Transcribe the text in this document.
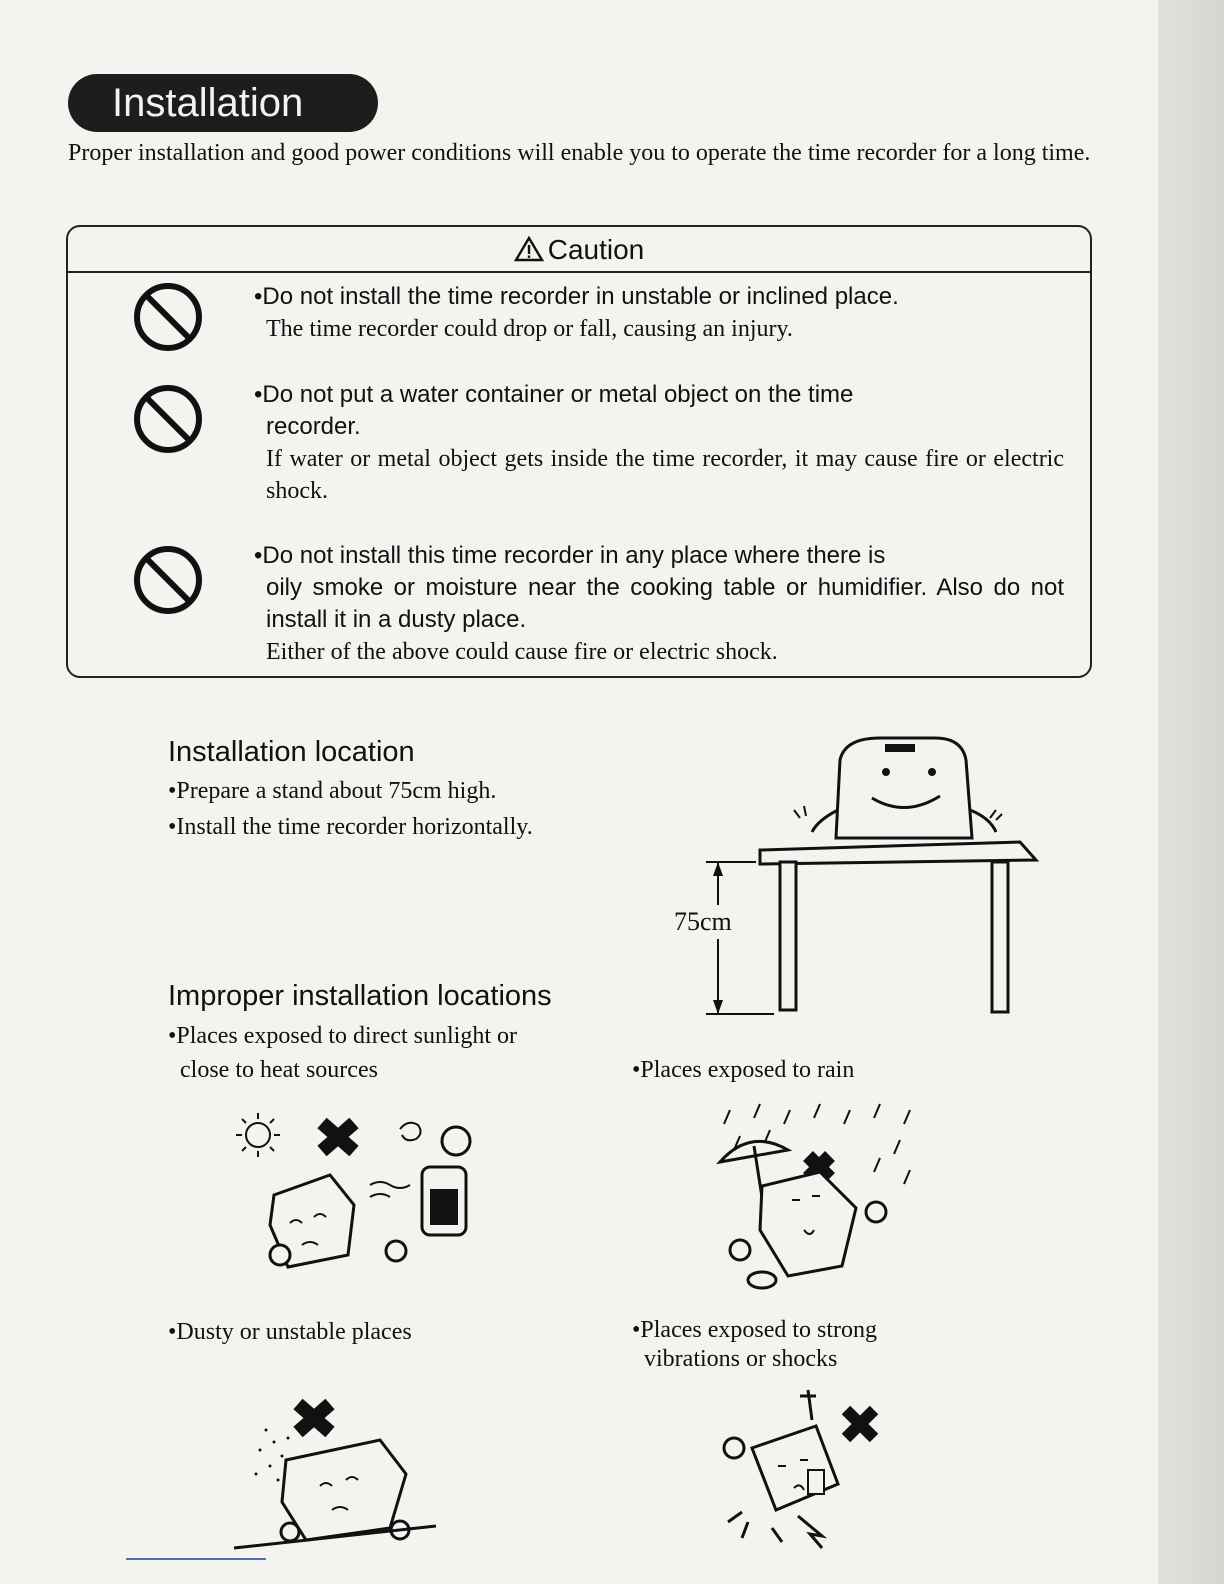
Installation
Proper installation and good power conditions will enable you to operate the time recorder for a long time.
Caution
•Do not install the time recorder in unstable or inclined place.
The time recorder could drop or fall, causing an injury.
•Do not put a water container or metal object on the time
recorder.
If water or metal object gets inside the time recorder, it may cause fire or electric shock.
•Do not install this time recorder in any place where there is
oily smoke or moisture near the cooking table or humidifier. Also do not install it in a dusty place.
Either of the above could cause fire or electric shock.
Installation location
•Prepare a stand about 75cm high.
•Install the time recorder horizontally.
75cm
Improper installation locations
•Places exposed to direct sunlight or
close to heat sources	•Places exposed to rain
•Dusty or unstable places	•Places exposed to strong
vibrations or shocks
